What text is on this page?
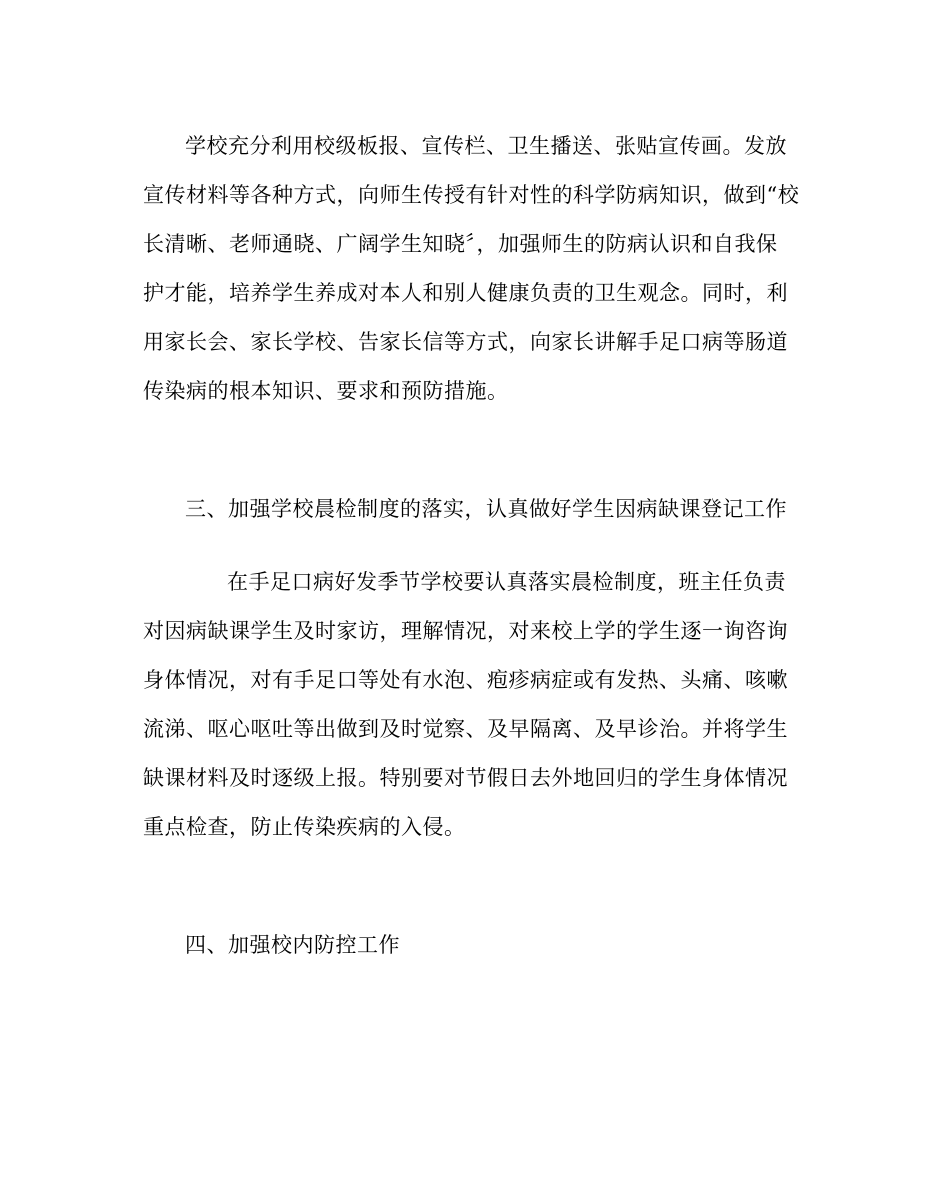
学校充分利用校级板报、宣传栏、卫生播送、张贴宣传画。发放
宣传材料等各种方式，向师生传授有针对性的科学防病知识，做到“校
长清晰、老师通晓、广阔学生知晓〞，加强师生的防病认识和自我保
护才能，培养学生养成对本人和别人健康负责的卫生观念。同时，利
用家长会、家长学校、告家长信等方式，向家长讲解手足口病等肠道
传染病的根本知识、要求和预防措施。
三、加强学校晨检制度的落实，认真做好学生因病缺课登记工作
在手足口病好发季节学校要认真落实晨检制度，班主任负责
对因病缺课学生及时家访，理解情况，对来校上学的学生逐一询咨询
身体情况，对有手足口等处有水泡、疱疹病症或有发热、头痛、咳嗽
流涕、呕心呕吐等出做到及时觉察、及早隔离、及早诊治。并将学生
缺课材料及时逐级上报。特别要对节假日去外地回归的学生身体情况
重点检查，防止传染疾病的入侵。
四、加强校内防控工作
